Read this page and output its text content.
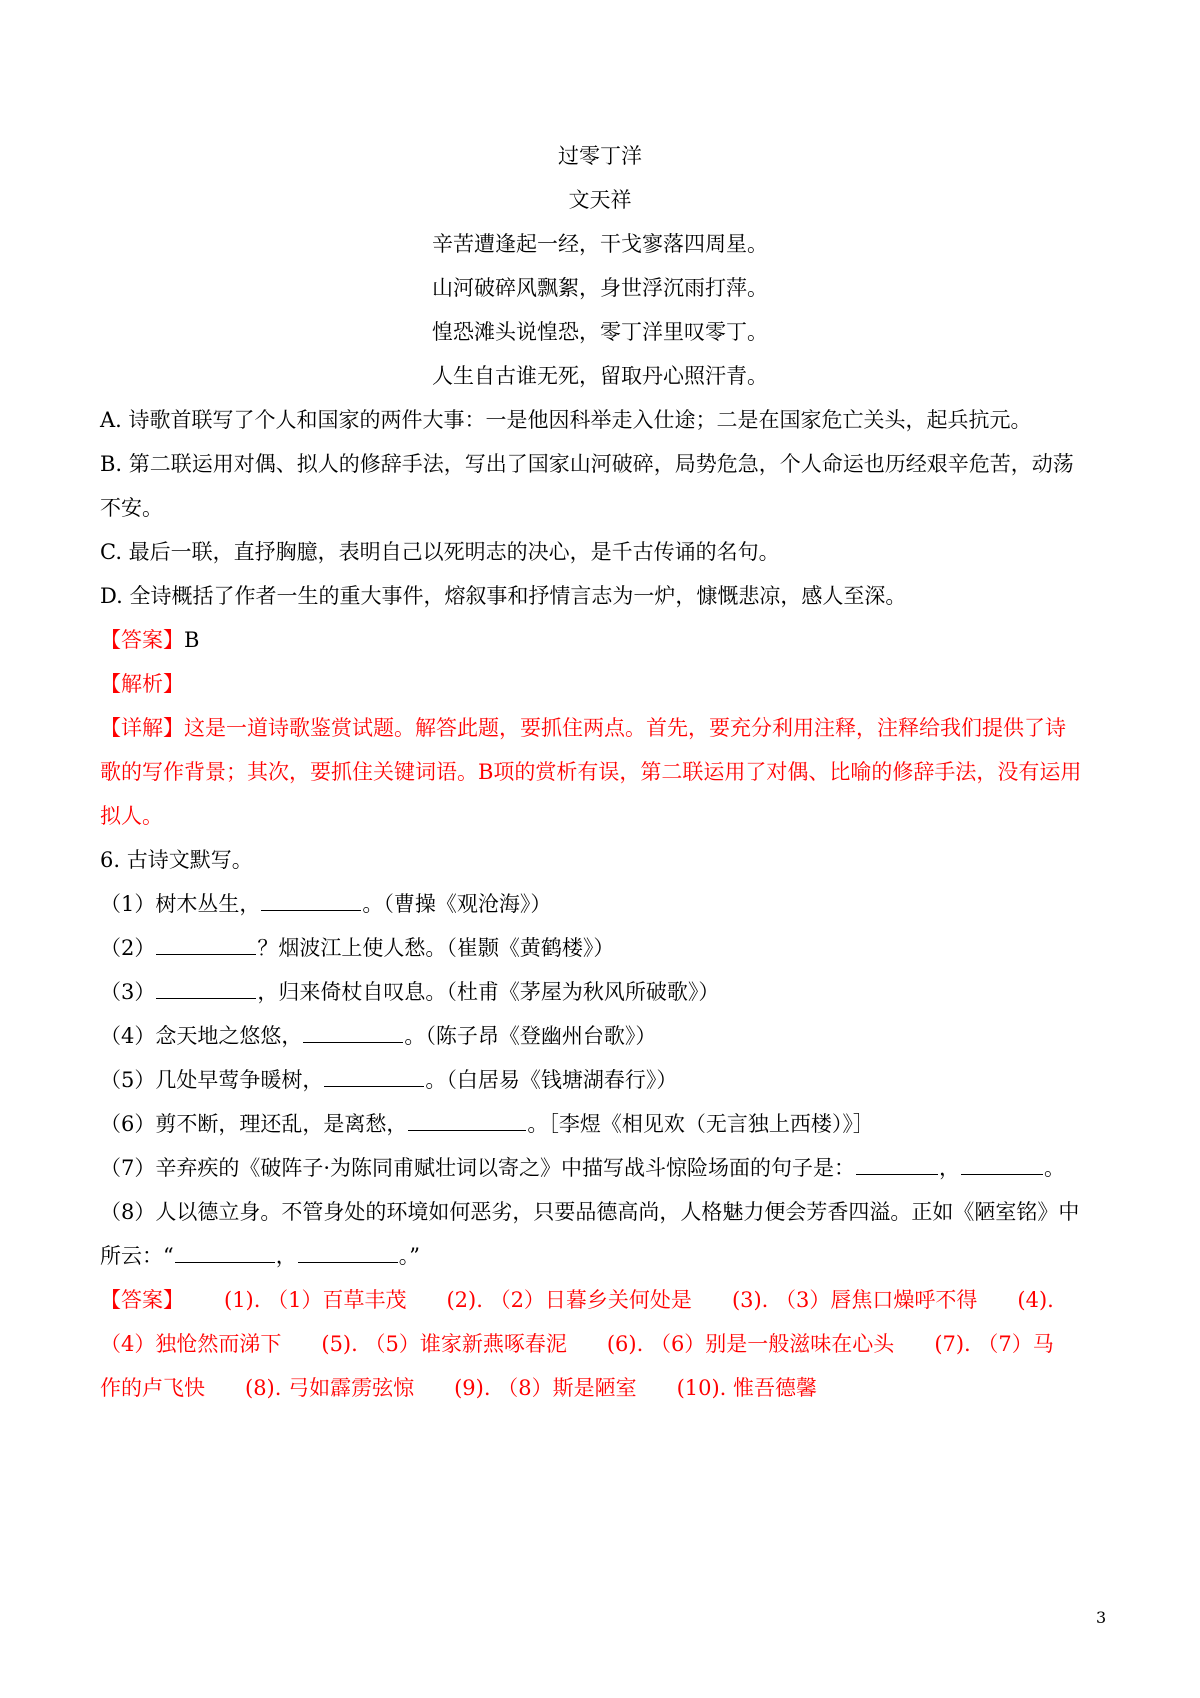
过零丁洋
文天祥
辛苦遭逢起一经，干戈寥落四周星。
山河破碎风飘絮，身世浮沉雨打萍。
惶恐滩头说惶恐，零丁洋里叹零丁。
人生自古谁无死，留取丹心照汗青。
A. 诗歌首联写了个人和国家的两件大事：一是他因科举走入仕途；二是在国家危亡关头，起兵抗元。
B. 第二联运用对偶、拟人的修辞手法，写出了国家山河破碎，局势危急，个人命运也历经艰辛危苦，动荡
不安。
C. 最后一联，直抒胸臆，表明自己以死明志的决心，是千古传诵的名句。
D. 全诗概括了作者一生的重大事件，熔叙事和抒情言志为一炉，慷慨悲凉，感人至深。
【答案】B
【解析】
【详解】这是一道诗歌鉴赏试题。解答此题，要抓住两点。首先，要充分利用注释，注释给我们提供了诗
歌的写作背景；其次，要抓住关键词语。B项的赏析有误，第二联运用了对偶、比喻的修辞手法，没有运用
拟人。
6. 古诗文默写。
（1）树木丛生，	。（曹操《观沧海》）
（2）	？烟波江上使人愁。（崔颢《黄鹤楼》）
（3）	，归来倚杖自叹息。（杜甫《茅屋为秋风所破歌》）
（4）念天地之悠悠，	。（陈子昂《登幽州台歌》）
（5）几处早莺争暖树，	。（白居易《钱塘湖春行》）
（6）剪不断，理还乱，是离愁，	。［李煜《相见欢（无言独上西楼）》］
（7）辛弃疾的《破阵子·为陈同甫赋壮词以寄之》中描写战斗惊险场面的句子是：	，	。
（8）人以德立身。不管身处的环境如何恶劣，只要品德高尚，人格魅力便会芳香四溢。正如《陋室铭》中
所云：“	，	。”
【答案】 (1). （1）百草丰茂 (2). （2）日暮乡关何处是 (3). （3）唇焦口燥呼不得 (4).
（4）独怆然而涕下 (5). （5）谁家新燕啄春泥 (6). （6）别是一般滋味在心头 (7). （7）马
作的卢飞快 (8). 弓如霹雳弦惊 (9). （8）斯是陋室 (10). 惟吾德馨
3
